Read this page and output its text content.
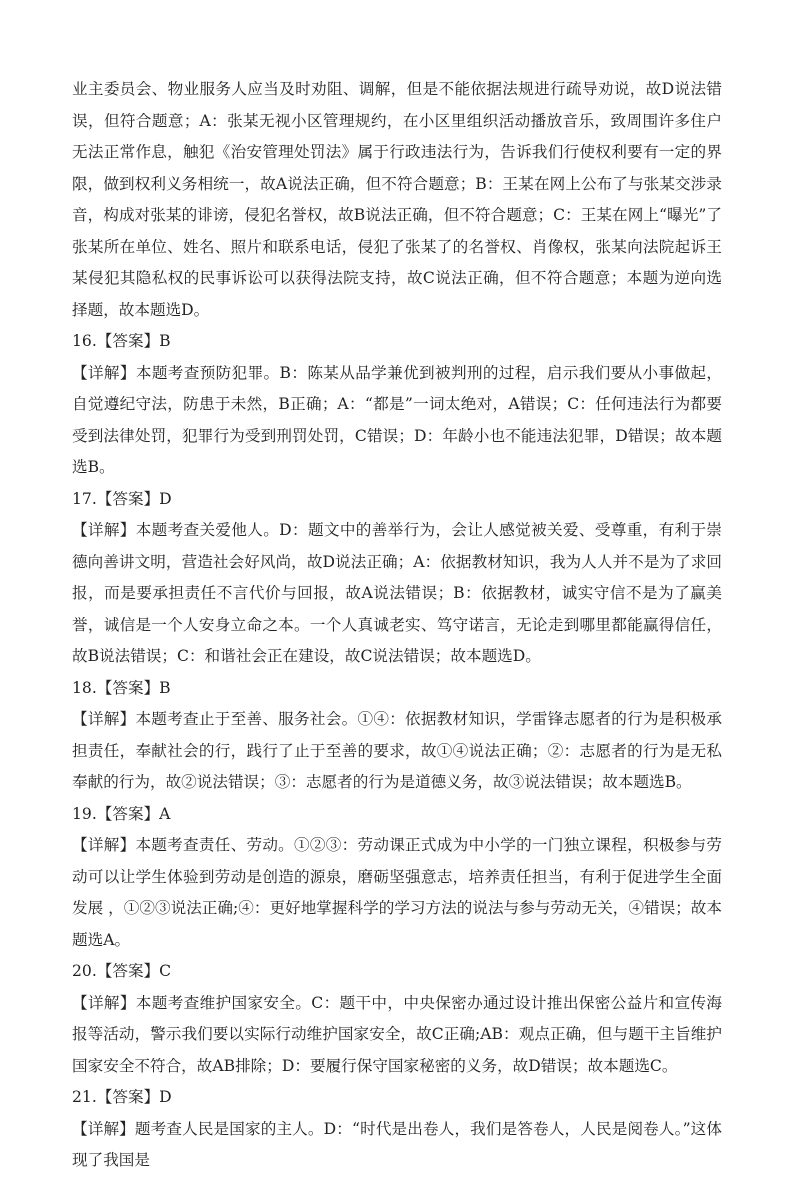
业主委员会、物业服务人应当及时劝阻、调解，但是不能依据法规进行疏导劝说，故D说法错误，但符合题意；A：张某无视小区管理规约，在小区里组织活动播放音乐，致周围许多住户无法正常作息，触犯《治安管理处罚法》属于行政违法行为，告诉我们行使权利要有一定的界限，做到权利义务相统一，故A说法正确，但不符合题意；B：王某在网上公布了与张某交涉录音，构成对张某的诽谤，侵犯名誉权，故B说法正确，但不符合题意；C：王某在网上“曝光”了张某所在单位、姓名、照片和联系电话，侵犯了张某了的名誉权、肖像权，张某向法院起诉王某侵犯其隐私权的民事诉讼可以获得法院支持，故C说法正确，但不符合题意；本题为逆向选择题，故本题选D。

16.【答案】B

【详解】本题考查预防犯罪。B：陈某从品学兼优到被判刑的过程，启示我们要从小事做起，自觉遵纪守法，防患于未然，B正确；A：“都是”一词太绝对，A错误；C：任何违法行为都要受到法律处罚，犯罪行为受到刑罚处罚，C错误；D：年龄小也不能违法犯罪，D错误；故本题选B。

17.【答案】D

【详解】本题考查关爱他人。D：题文中的善举行为，会让人感觉被关爱、受尊重，有利于崇德向善讲文明，营造社会好风尚，故D说法正确；A：依据教材知识，我为人人并不是为了求回报，而是要承担责任不言代价与回报，故A说法错误；B：依据教材，诚实守信不是为了赢美誉，诚信是一个人安身立命之本。一个人真诚老实、笃守诺言，无论走到哪里都能赢得信任，故B说法错误；C：和谐社会正在建设，故C说法错误；故本题选D。

18.【答案】B

【详解】本题考查止于至善、服务社会。①④：依据教材知识，学雷锋志愿者的行为是积极承担责任，奉献社会的行，践行了止于至善的要求，故①④说法正确；②：志愿者的行为是无私奉献的行为，故②说法错误；③：志愿者的行为是道德义务，故③说法错误；故本题选B。

19.【答案】A

【详解】本题考查责任、劳动。①②③：劳动课正式成为中小学的一门独立课程，积极参与劳动可以让学生体验到劳动是创造的源泉，磨砺坚强意志，培养责任担当，有利于促进学生全面发展 ，①②③说法正确;④：更好地掌握科学的学习方法的说法与参与劳动无关，④错误；故本题选A。

20.【答案】C

【详解】本题考查维护国家安全。C：题干中，中央保密办通过设计推出保密公益片和宣传海报等活动，警示我们要以实际行动维护国家安全，故C正确;AB：观点正确，但与题干主旨维护国家安全不符合，故AB排除；D：要履行保守国家秘密的义务，故D错误；故本题选C。

21.【答案】D

【详解】题考查人民是国家的主人。D：“时代是出卷人，我们是答卷人，人民是阅卷人。”这体现了我国是
